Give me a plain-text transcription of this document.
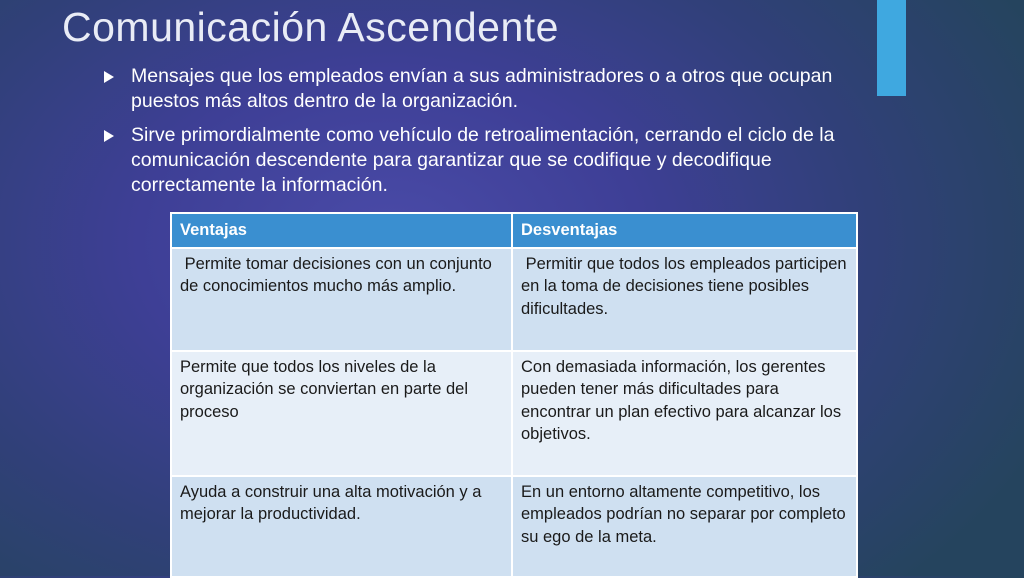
Comunicación Ascendente
Mensajes que los empleados envían a sus administradores o a otros que ocupan puestos más altos dentro de la organización.
Sirve primordialmente como vehículo de retroalimentación, cerrando el ciclo de la comunicación descendente para garantizar que se codifique y decodifique correctamente la información.
Ventajas	Desventajas
Permite tomar decisiones con un conjunto de conocimientos mucho más amplio.	Permitir que todos los empleados participen en la toma de decisiones tiene posibles dificultades.
Permite que todos los niveles de la organización se conviertan en parte del proceso	Con demasiada información, los gerentes pueden tener más dificultades para encontrar un plan efectivo para alcanzar los objetivos.
Ayuda a construir una alta motivación y a mejorar la productividad.	En un entorno altamente competitivo, los empleados podrían no separar por completo su ego de la meta.
